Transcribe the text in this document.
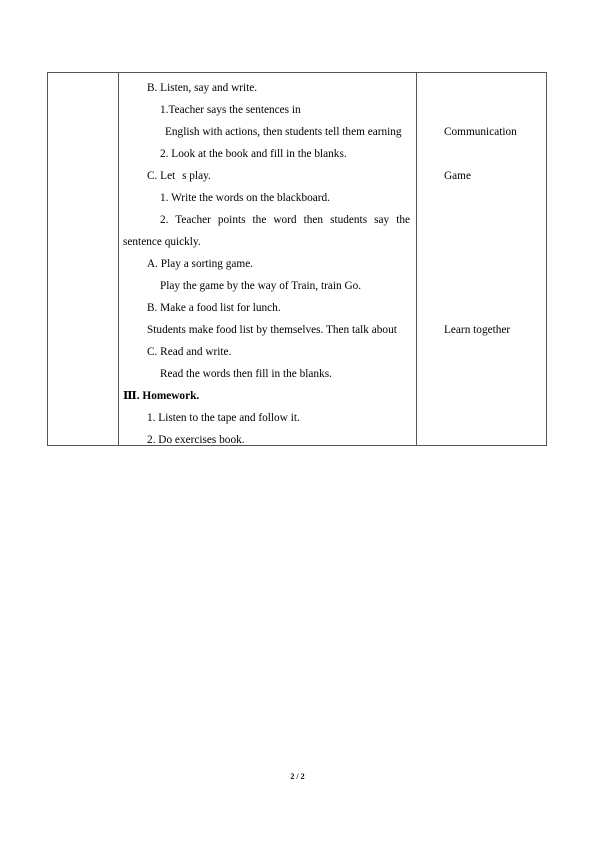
B. Listen, say and write.
1.Teacher says the sentences in
English with actions, then students tell them earning
2. Look at the book and fill in the blanks.
C. Lets play.
1. Write the words on the blackboard.
2. Teacher points the word then students say the
sentence quickly.
A. Play a sorting game.
Play the game by the way of Train, train Go.
B. Make a food list for lunch.
Students make food list by themselves. Then talk about
C. Read and write.
Read the words then fill in the blanks.
Ⅲ. Homework.
1. Listen to the tape and follow it.
2. Do exercises book.
Communication
Game
Learn together
2 / 2
